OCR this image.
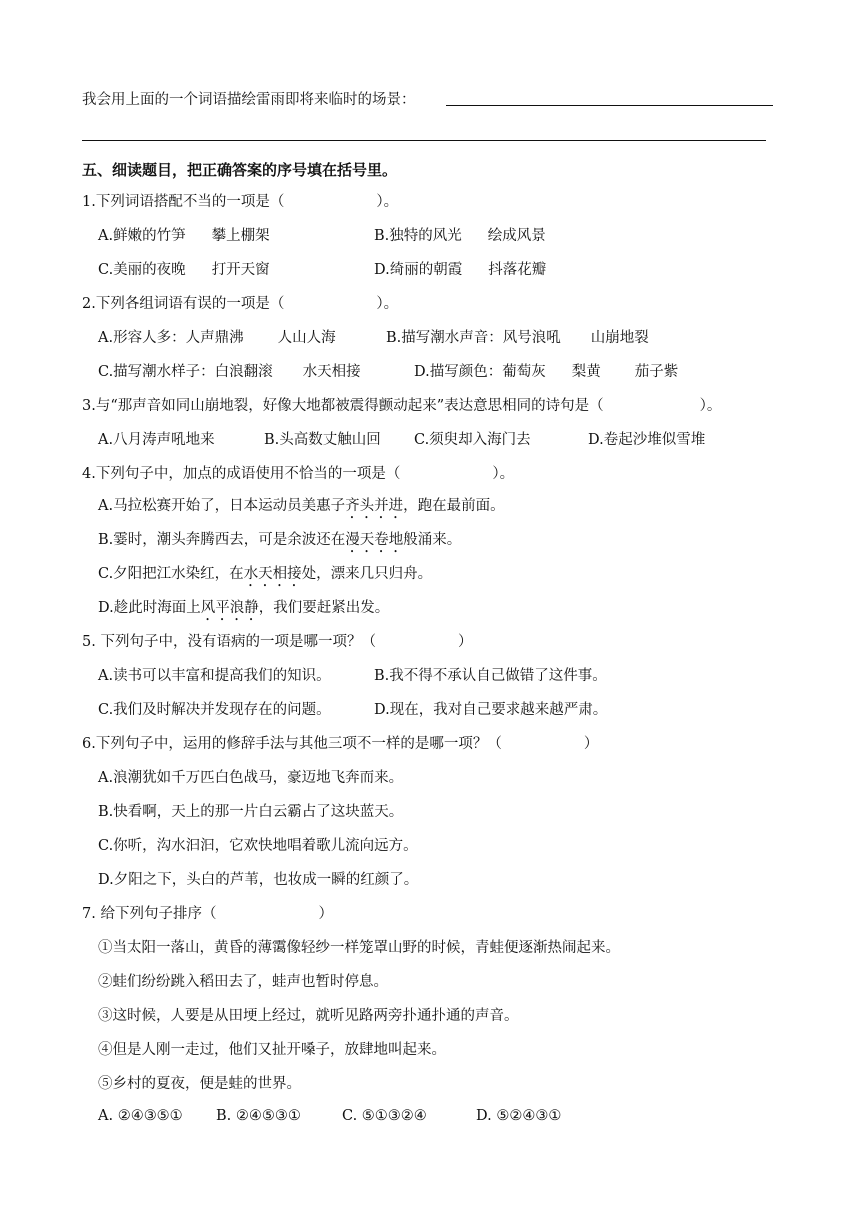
我会用上面的一个词语描绘雷雨即将来临时的场景：
五、细读题目，把正确答案的序号填在括号里。
1.下列词语搭配不当的一项是（	）。
A.鲜嫩的竹笋 攀上棚架	B.独特的风光 绘成风景
C.美丽的夜晚 打开天窗	D.绮丽的朝霞 抖落花瓣
2.下列各组词语有误的一项是（	）。
A.形容人多：人声鼎沸 人山人海	B.描写潮水声音：风号浪吼 山崩地裂
C.描写潮水样子：白浪翻滚 水天相接	D.描写颜色：葡萄灰 梨黄 茄子紫
3.与“那声音如同山崩地裂，好像大地都被震得颤动起来”表达意思相同的诗句是（	）。
A.八月涛声吼地来	B.头高数丈触山回 C.须臾却入海门去	D.卷起沙堆似雪堆
4.下列句子中，加点的成语使用不恰当的一项是（	）。
A.马拉松赛开始了，日本运动员美惠子齐头并进，跑在最前面。
B.霎时，潮头奔腾西去，可是余波还在漫天卷地般涌来。
C.夕阳把江水染红，在水天相接处，漂来几只归舟。
D.趁此时海面上风平浪静，我们要赶紧出发。
5. 下列句子中，没有语病的一项是哪一项？（	）
A.读书可以丰富和提高我们的知识。	B.我不得不承认自己做错了这件事。
C.我们及时解决并发现存在的问题。	D.现在，我对自己要求越来越严肃。
6.下列句子中，运用的修辞手法与其他三项不一样的是哪一项？（	）
A.浪潮犹如千万匹白色战马，豪迈地飞奔而来。
B.快看啊，天上的那一片白云霸占了这块蓝天。
C.你听，沟水汩汩，它欢快地唱着歌儿流向远方。
D.夕阳之下，头白的芦苇，也妆成一瞬的红颜了。
7. 给下列句子排序（	）
①当太阳一落山，黄昏的薄霭像轻纱一样笼罩山野的时候，青蛙便逐渐热闹起来。
②蛙们纷纷跳入稻田去了，蛙声也暂时停息。
③这时候，人要是从田埂上经过，就听见路两旁扑通扑通的声音。
④但是人刚一走过，他们又扯开嗓子，放肆地叫起来。
⑤乡村的夏夜，便是蛙的世界。
A. ②④③⑤① B. ②④⑤③①	C. ⑤①③②④	D. ⑤②④③①
